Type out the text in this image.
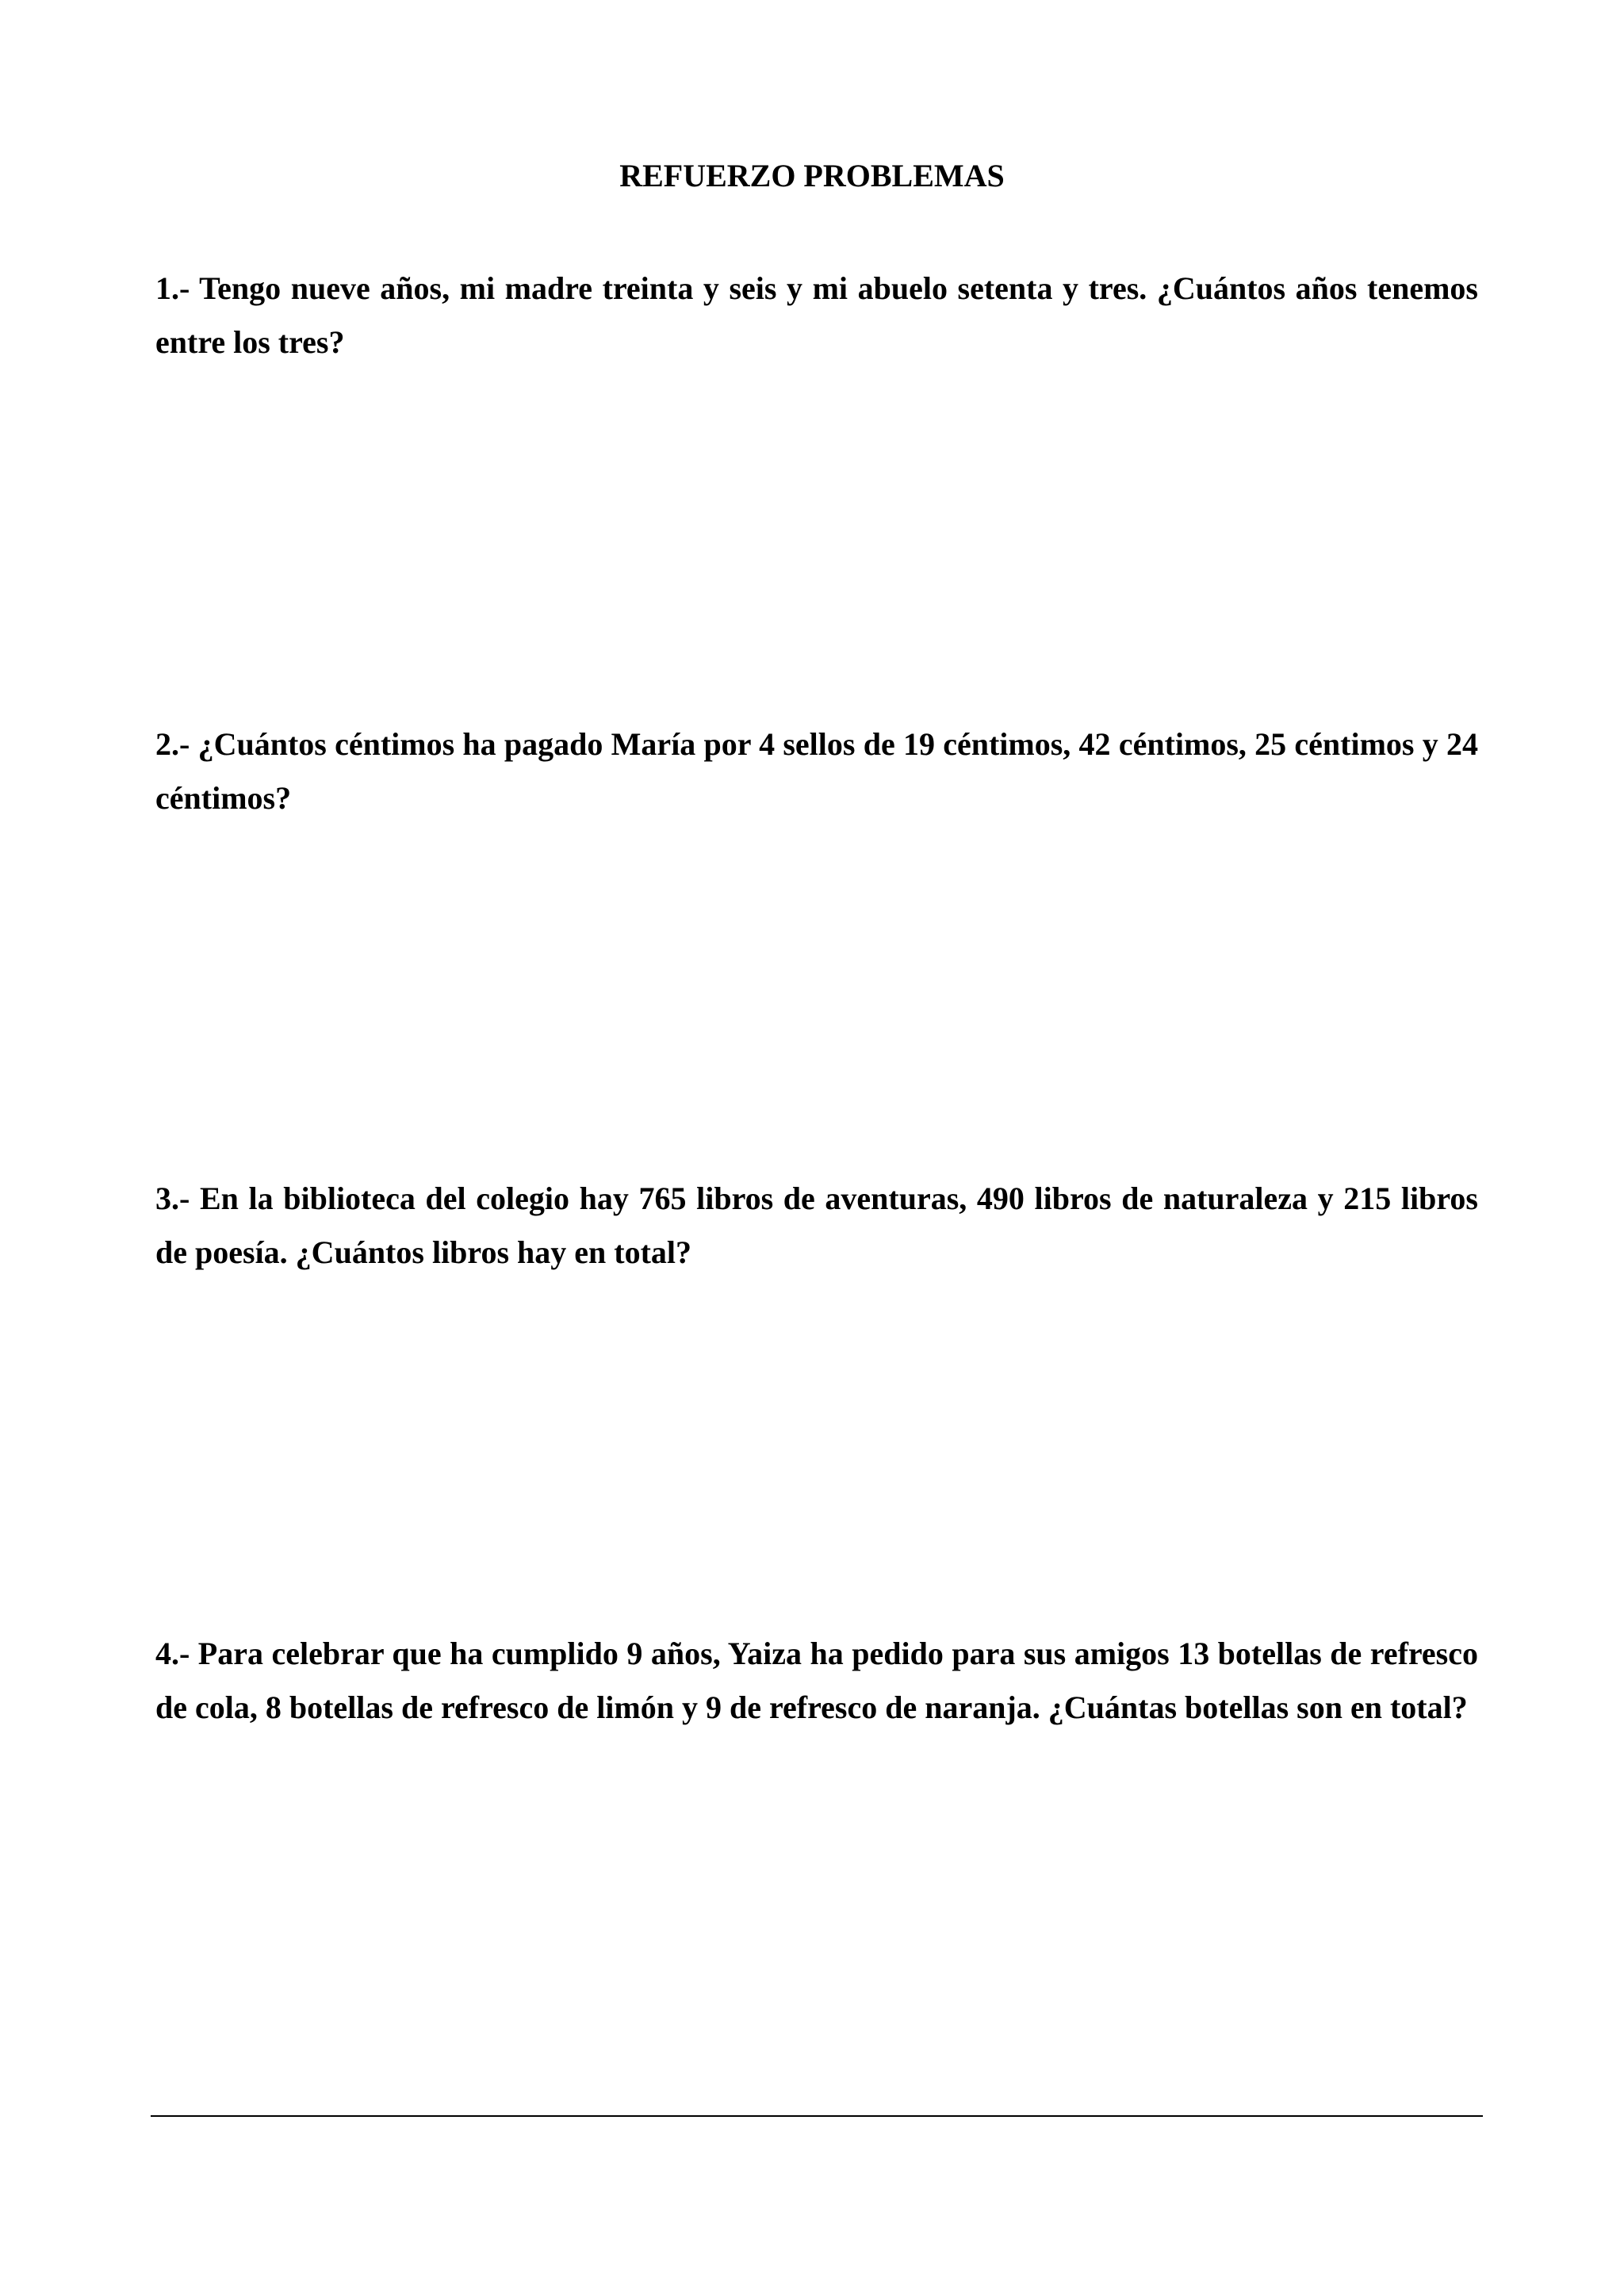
REFUERZO PROBLEMAS

1.- Tengo nueve años, mi madre treinta y seis y mi abuelo setenta y tres. ¿Cuántos años tenemos entre los tres?

2.- ¿Cuántos céntimos ha pagado María por 4 sellos de 19 céntimos, 42 céntimos, 25 céntimos y 24 céntimos?

3.- En la biblioteca del colegio hay 765 libros de aventuras, 490 libros de naturaleza y 215 libros de poesía. ¿Cuántos libros hay en total?

4.- Para celebrar que ha cumplido 9 años, Yaiza ha pedido para sus amigos 13 botellas de refresco de cola, 8 botellas de refresco de limón y 9 de refresco de naranja. ¿Cuántas botellas son en total?
